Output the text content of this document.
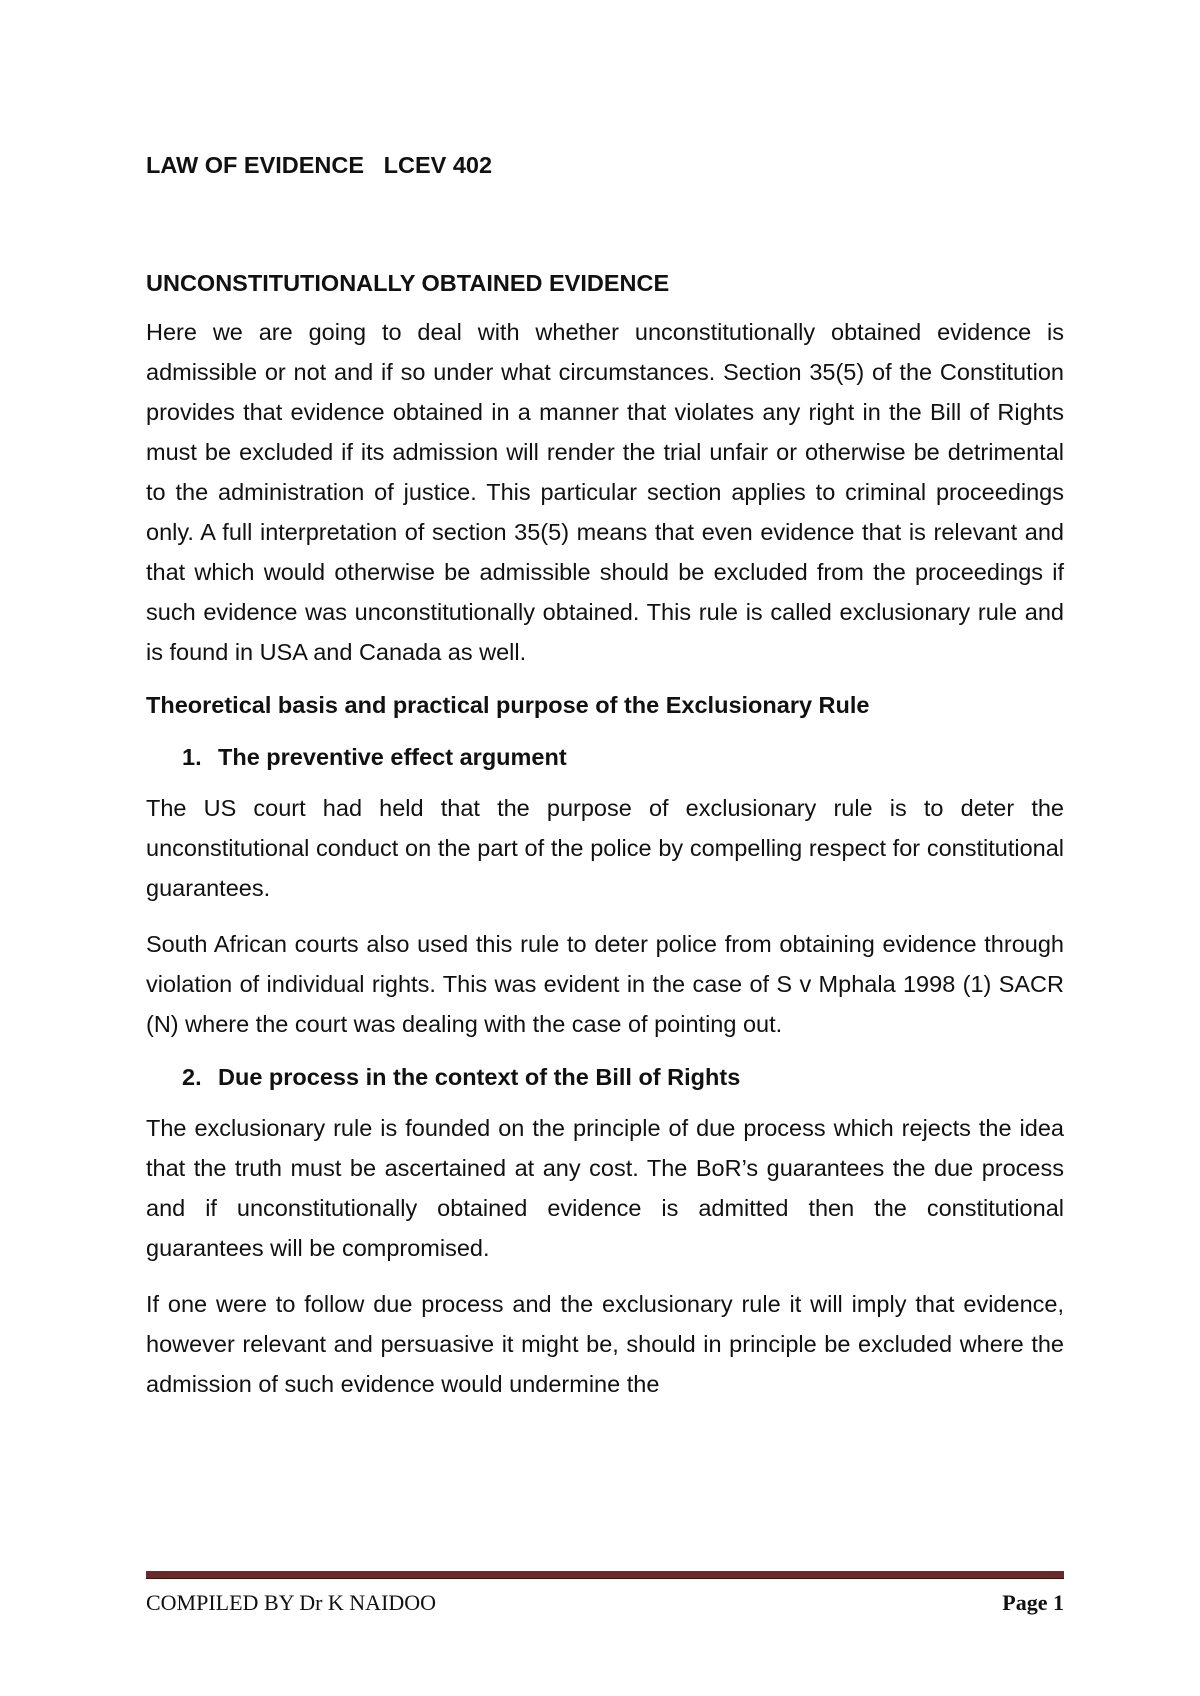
LAW OF EVIDENCE   LCEV 402
UNCONSTITUTIONALLY OBTAINED EVIDENCE

Here we are going to deal with whether unconstitutionally obtained evidence is admissible or not and if so under what circumstances. Section 35(5) of the Constitution provides that evidence obtained in a manner that violates any right in the Bill of Rights must be excluded if its admission will render the trial unfair or otherwise be detrimental to the administration of justice. This particular section applies to criminal proceedings only. A full interpretation of section 35(5) means that even evidence that is relevant and that which would otherwise be admissible should be excluded from the proceedings if such evidence was unconstitutionally obtained. This rule is called exclusionary rule and is found in USA and Canada as well.

Theoretical basis and practical purpose of the Exclusionary Rule
1. The preventive effect argument

The US court had held that the purpose of exclusionary rule is to deter the unconstitutional conduct on the part of the police by compelling respect for constitutional guarantees.

South African courts also used this rule to deter police from obtaining evidence through violation of individual rights. This was evident in the case of S v Mphala 1998 (1) SACR (N) where the court was dealing with the case of pointing out.

2. Due process in the context of the Bill of Rights

The exclusionary rule is founded on the principle of due process which rejects the idea that the truth must be ascertained at any cost. The BoR’s guarantees the due process and if unconstitutionally obtained evidence is admitted then the constitutional guarantees will be compromised.

If one were to follow due process and the exclusionary rule it will imply that evidence, however relevant and persuasive it might be, should in principle be excluded where the admission of such evidence would undermine the

COMPILED BY Dr K NAIDOO	Page 1
